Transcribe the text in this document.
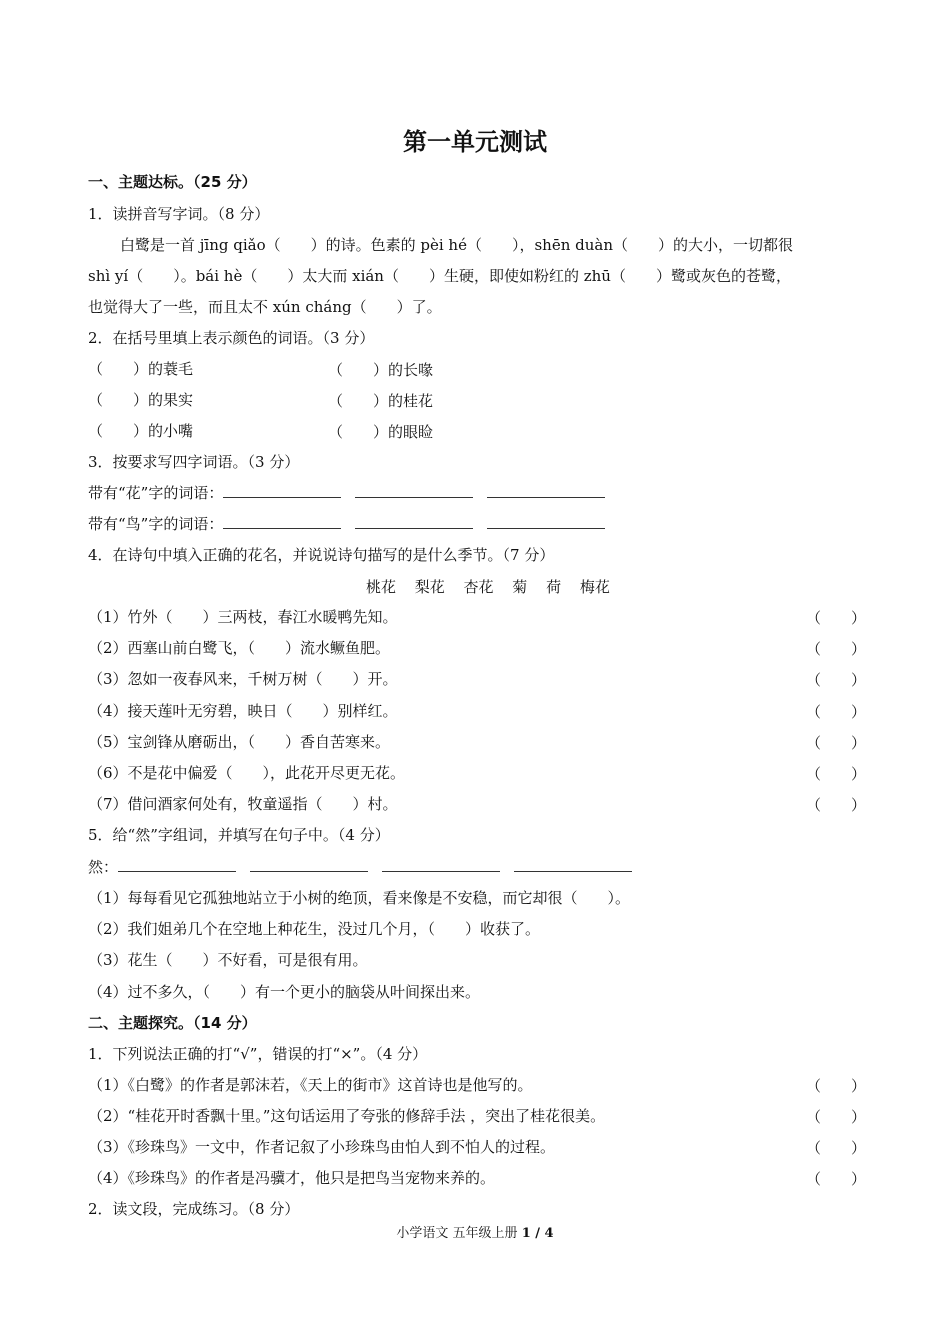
第一单元测试
一、主题达标。（25 分）
1．读拼音写字词。（8 分）
白鹭是一首 jīng qiǎo（　　）的诗。色素的 pèi hé（　　），shēn duàn（　　）的大小，一切都很
shì yí（　　）。bái hè（　　）太大而 xián（　　）生硬，即使如粉红的 zhū（　　）鹭或灰色的苍鹭，
也觉得大了一些，而且太不 xún cháng（　　）了。
2．在括号里填上表示颜色的词语。（3 分）
（　　）的蓑毛	（　　）的长喙
（　　）的果实	（　　）的桂花
（　　）的小嘴	（　　）的眼睑
3．按要求写四字词语。（3 分）
带有“花”字的词语：
带有“鸟”字的词语：
4．在诗句中填入正确的花名，并说说诗句描写的是什么季节。（7 分）
桃花 梨花 杏花 菊 荷 梅花
（1）竹外（　　）三两枝，春江水暖鸭先知。	（　　）
（2）西塞山前白鹭飞，（　　）流水鳜鱼肥。	（　　）
（3）忽如一夜春风来，千树万树（　　）开。	（　　）
（4）接天莲叶无穷碧，映日（　　）别样红。	（　　）
（5）宝剑锋从磨砺出，（　　）香自苦寒来。	（　　）
（6）不是花中偏爱（　　），此花开尽更无花。	（　　）
（7）借问酒家何处有，牧童遥指（　　）村。	（　　）
5．给“然”字组词，并填写在句子中。（4 分）
然：
（1）每每看见它孤独地站立于小树的绝顶，看来像是不安稳，而它却很（　　）。
（2）我们姐弟几个在空地上种花生，没过几个月，（　　）收获了。
（3）花生（　　）不好看，可是很有用。
（4）过不多久，（　　）有一个更小的脑袋从叶间探出来。
二、主题探究。（14 分）
1．下列说法正确的打“√”，错误的打“×”。（4 分）
（1）《白鹭》的作者是郭沫若，《天上的街市》这首诗也是他写的。	（　　）
（2）“桂花开时香飘十里。”这句话运用了夸张的修辞手法 ，突出了桂花很美。	（　　）
（3）《珍珠鸟》一文中，作者记叙了小珍珠鸟由怕人到不怕人的过程。	（　　）
（4）《珍珠鸟》的作者是冯骥才，他只是把鸟当宠物来养的。	（　　）
2．读文段，完成练习。（8 分）
小学语文 五年级上册 1 / 4
